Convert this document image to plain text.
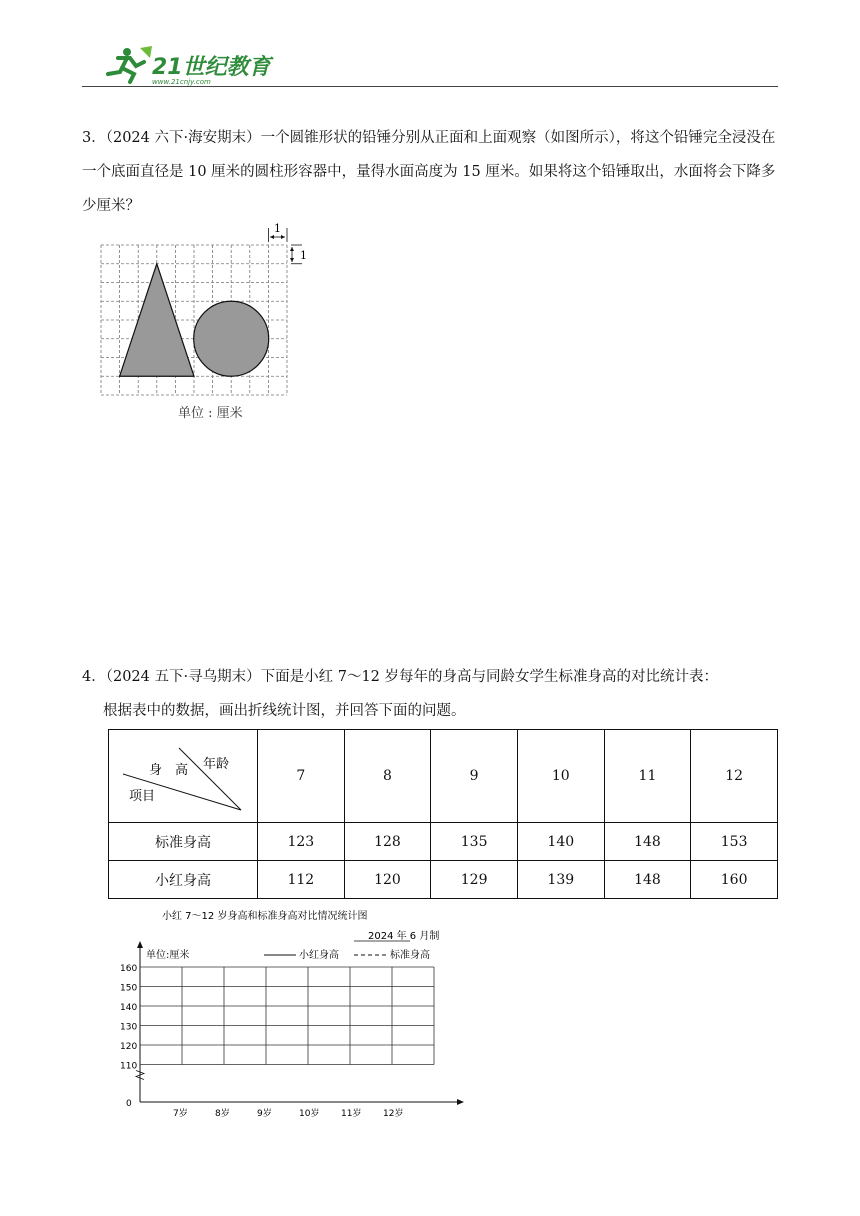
21世纪教育
www.21cnjy.com
3．（2024 六下·海安期末）一个圆锥形状的铅锤分别从正面和上面观察（如图所示），将这个铅锤完全浸没在一个底面直径是 10 厘米的圆柱形容器中，量得水面高度为 15 厘米。如果将这个铅锤取出，水面将会下降多少厘米？
1
1
单位 : 厘米
4．（2024 五下·寻乌期末）下面是小红 7～12 岁每年的身高与同龄女学生标准身高的对比统计表：
根据表中的数据，画出折线统计图，并回答下面的问题。
年龄
身　高
项目	7	8	9	10	11	12
标准身高	123	128	135	140	148	153
小红身高	112	120	129	139	148	160
小红 7～12 岁身高和标准身高对比情况统计图
2024 年 6 月制
单位:厘米	小红身高	标准身高
160
150
140
130
120
110
0
7岁	8岁	9岁	10岁 11岁 12岁
